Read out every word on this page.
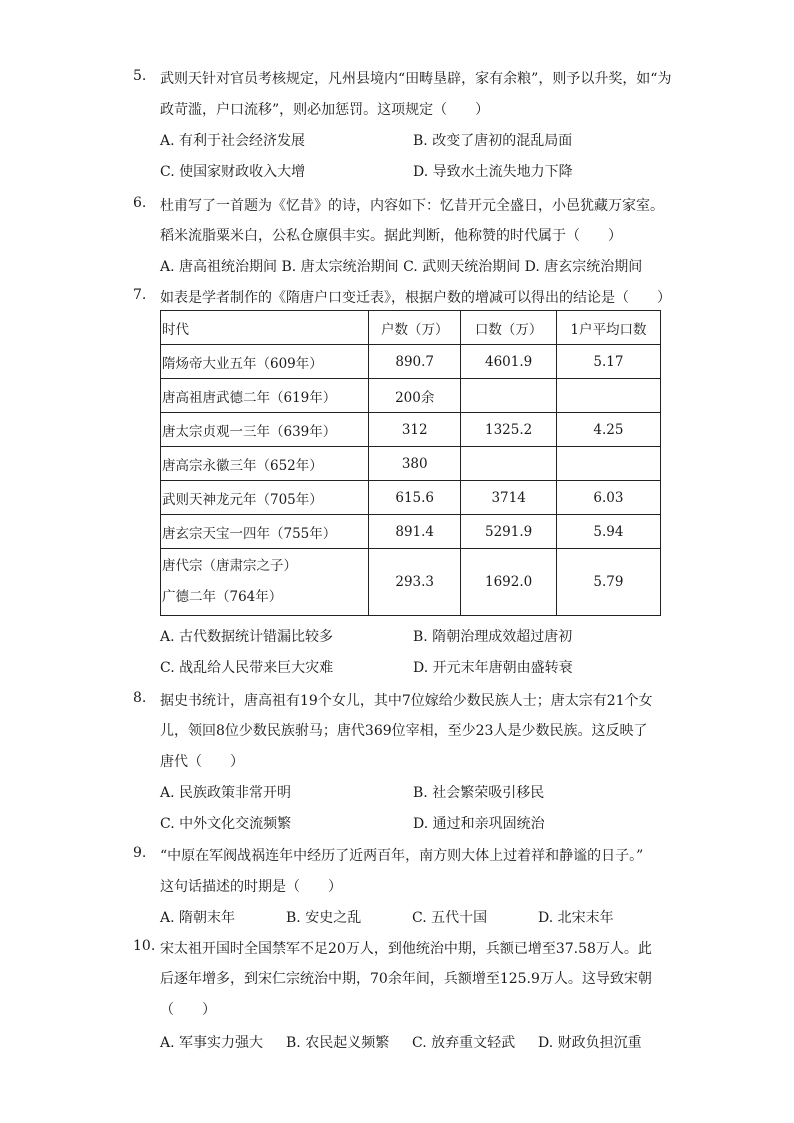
5. 武则天针对官员考核规定，凡州县境内“田畴垦辟，家有余粮”，则予以升奖，如“为
政苛滥，户口流移”，则必加惩罚。这项规定（　　）
A. 有利于社会经济发展	B. 改变了唐初的混乱局面
C. 使国家财政收入大增	D. 导致水土流失地力下降
6. 杜甫写了一首题为《忆昔》的诗，内容如下：忆昔开元全盛日，小邑犹藏万家室。
稻米流脂粟米白，公私仓廪俱丰实。据此判断，他称赞的时代属于（　　）
A. 唐高祖统治期间 B. 唐太宗统治期间 C. 武则天统治期间 D. 唐玄宗统治期间
7. 如表是学者制作的《隋唐户口变迁表》，根据户数的增减可以得出的结论是（　　）
时代	户数（万）	口数（万）	1户平均口数
隋炀帝大业五年（609年）	890.7	4601.9	5.17
唐高祖唐武德二年（619年）	200余		
唐太宗贞观一三年（639年）	312	1325.2	4.25
唐高宗永徽三年（652年）	380		
武则天神龙元年（705年）	615.6	3714	6.03
唐玄宗天宝一四年（755年）	891.4	5291.9	5.94

唐代宗（唐肃宗之子）
广德二年（764年）	293.3	1692.0	5.79
A. 古代数据统计错漏比较多	B. 隋朝治理成效超过唐初
C. 战乱给人民带来巨大灾难	D. 开元末年唐朝由盛转衰
8. 据史书统计，唐高祖有19个女儿，其中7位嫁给少数民族人士；唐太宗有21个女
儿，领回8位少数民族驸马；唐代369位宰相，至少23人是少数民族。这反映了
唐代（　　）
A. 民族政策非常开明	B. 社会繁荣吸引移民
C. 中外文化交流频繁	D. 通过和亲巩固统治
9. “中原在军阀战祸连年中经历了近两百年，南方则大体上过着祥和静谧的日子。”
这句话描述的时期是（　　）
A. 隋朝末年	B. 安史之乱	C. 五代十国	D. 北宋末年
10. 宋太祖开国时全国禁军不足20万人，到他统治中期，兵额已增至37.58万人。此
后逐年增多，到宋仁宗统治中期，70余年间，兵额增至125.9万人。这导致宋朝
（　　）
A. 军事实力强大 B. 农民起义频繁 C. 放弃重文轻武 D. 财政负担沉重
